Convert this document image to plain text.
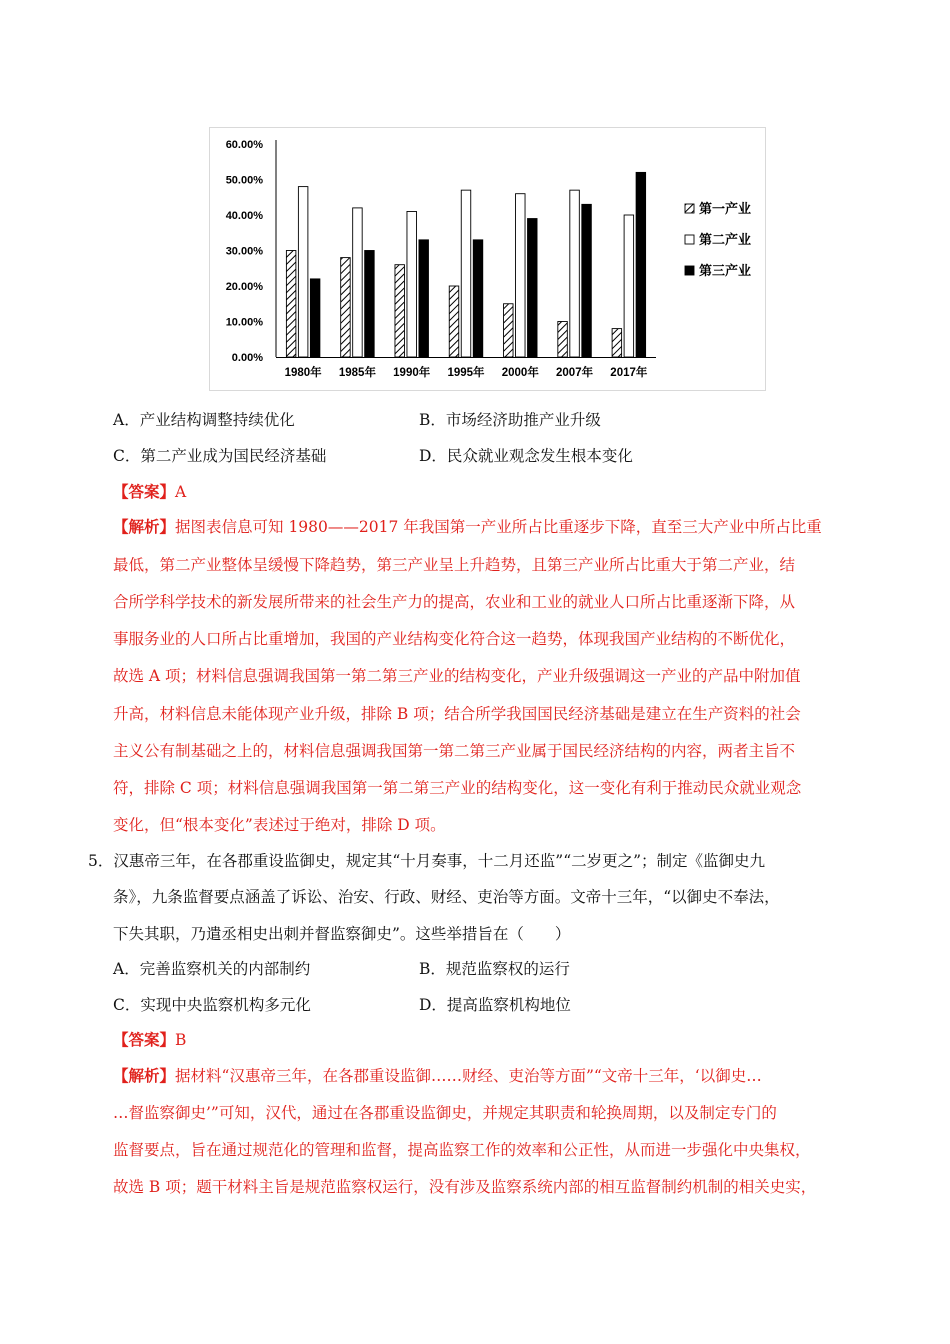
60.00%
50.00%
40.00%
30.00%
20.00%
10.00%
0.00%
1980年 1985年 1990年 1995年 2000年 2007年 2017年
第一产业
第二产业
第三产业
A．产业结构调整持续优化	B．市场经济助推产业升级
C．第二产业成为国民经济基础	D．民众就业观念发生根本变化
【答案】A
【解析】据图表信息可知 1980——2017 年我国第一产业所占比重逐步下降，直至三大产业中所占比重
最低，第二产业整体呈缓慢下降趋势，第三产业呈上升趋势，且第三产业所占比重大于第二产业，结
合所学科学技术的新发展所带来的社会生产力的提高，农业和工业的就业人口所占比重逐渐下降，从
事服务业的人口所占比重增加，我国的产业结构变化符合这一趋势，体现我国产业结构的不断优化，
故选 A 项；材料信息强调我国第一第二第三产业的结构变化，产业升级强调这一产业的产品中附加值
升高，材料信息未能体现产业升级，排除 B 项；结合所学我国国民经济基础是建立在生产资料的社会
主义公有制基础之上的，材料信息强调我国第一第二第三产业属于国民经济结构的内容，两者主旨不
符，排除 C 项；材料信息强调我国第一第二第三产业的结构变化，这一变化有利于推动民众就业观念
变化，但“根本变化”表述过于绝对，排除 D 项。
5．汉惠帝三年，在各郡重设监御史，规定其“十月奏事，十二月还监”“二岁更之”；制定《监御史九
条》，九条监督要点涵盖了诉讼、治安、行政、财经、吏治等方面。文帝十三年，“以御史不奉法，
下失其职，乃遣丞相史出刺并督监察御史”。这些举措旨在（　　）
A．完善监察机关的内部制约	B．规范监察权的运行
C．实现中央监察机构多元化	D．提高监察机构地位
【答案】B
【解析】据材料“汉惠帝三年，在各郡重设监御……财经、吏治等方面”“文帝十三年，‘以御史…
…督监察御史’”可知，汉代，通过在各郡重设监御史，并规定其职责和轮换周期，以及制定专门的
监督要点，旨在通过规范化的管理和监督，提高监察工作的效率和公正性，从而进一步强化中央集权，
故选 B 项；题干材料主旨是规范监察权运行，没有涉及监察系统内部的相互监督制约机制的相关史实，
